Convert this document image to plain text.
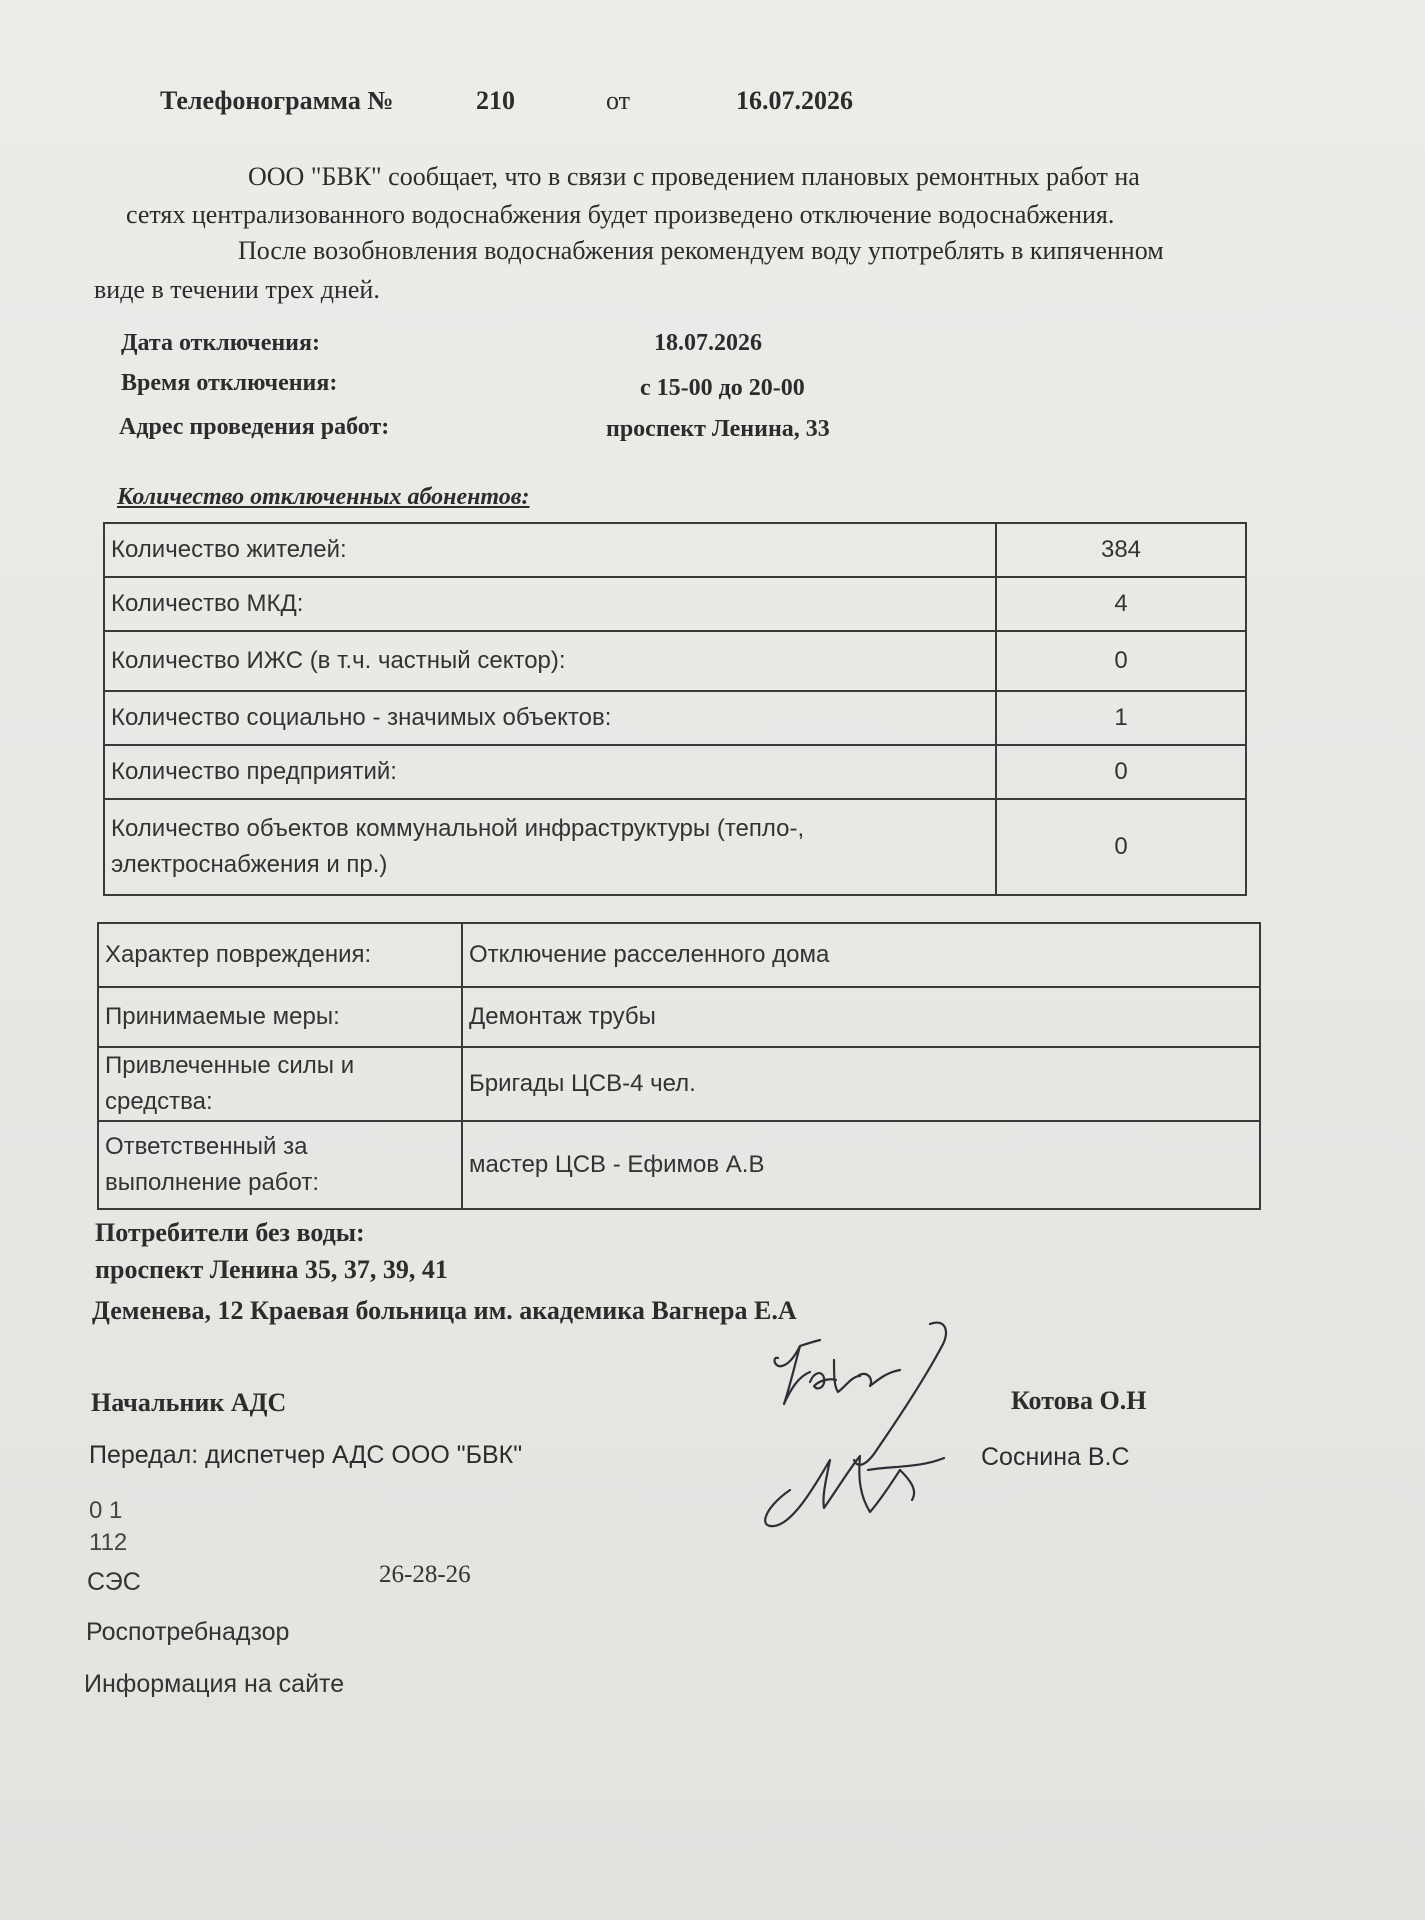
Телефонограмма №	210	от	16.07.2026
ООО "БВК" сообщает, что в связи с проведением плановых ремонтных работ на
сетях централизованного водоснабжения будет произведено отключение водоснабжения.
После возобновления водоснабжения рекомендуем воду употреблять в кипяченном
виде в течении трех дней.
Дата отключения:	18.07.2026
Время отключения:	с 15-00 до 20-00
Адрес проведения работ:	проспект Ленина, 33
Количество отключенных абонентов:
Количество жителей:	384
Количество МКД:	4
Количество ИЖС (в т.ч. частный сектор):	0
Количество социально - значимых объектов:	1
Количество предприятий:	0

Количество объектов коммунальной инфраструктуры (тепло-,
электроснабжения и пр.)	0
Характер повреждения:	Отключение расселенного дома
Принимаемые меры:	Демонтаж трубы

Привлеченные силы и
средства:	Бригады ЦСВ-4 чел.

Ответственный за
выполнение работ:	мастер ЦСВ - Ефимов А.В
Потребители без воды:
проспект Ленина 35, 37, 39, 41
Деменева, 12 Краевая больница им. академика Вагнера Е.А
Начальник АДС	Котова О.Н
Передал: диспетчер АДС ООО "БВК"	Соснина В.С
0 1
112
СЭС	26-28-26
Роспотребнадзор
Информация на сайте
